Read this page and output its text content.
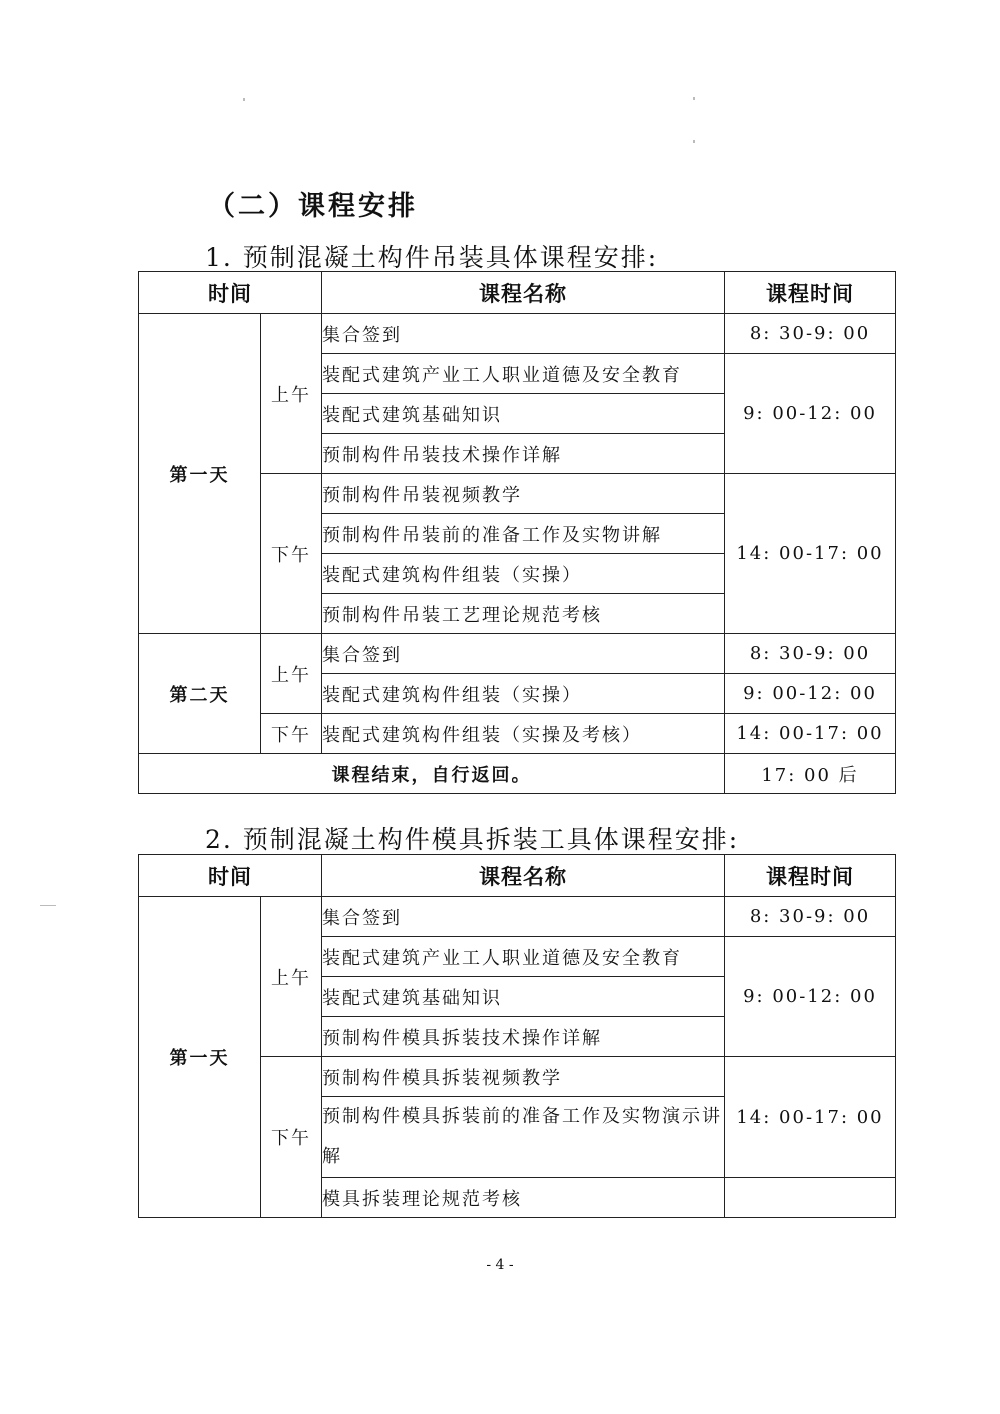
（二）课程安排
1. 预制混凝土构件吊装具体课程安排:
时间		课程名称	课程时间
第一天	上午	集合签到	8: 30-9: 00
		装配式建筑产业工人职业道德及安全教育	9: 00-12: 00
		装配式建筑基础知识	
		预制构件吊装技术操作详解	
	下午	预制构件吊装视频教学	14: 00-17: 00
		预制构件吊装前的准备工作及实物讲解	
		装配式建筑构件组装（实操）	
		预制构件吊装工艺理论规范考核	
第二天	上午	集合签到	8: 30-9: 00
		装配式建筑构件组装（实操）	9: 00-12: 00
	下午	装配式建筑构件组装（实操及考核）	14: 00-17: 00
课程结束，自行返回。			17: 00 后
2. 预制混凝土构件模具拆装工具体课程安排:
时间		课程名称	课程时间
第一天	上午	集合签到	8: 30-9: 00
		装配式建筑产业工人职业道德及安全教育	9: 00-12: 00
		装配式建筑基础知识	
		预制构件模具拆装技术操作详解	
	下午	预制构件模具拆装视频教学	14: 00-17: 00
		预制构件模具拆装前的准备工作及实物演示讲解	
		模具拆装理论规范考核	
- 4 -
